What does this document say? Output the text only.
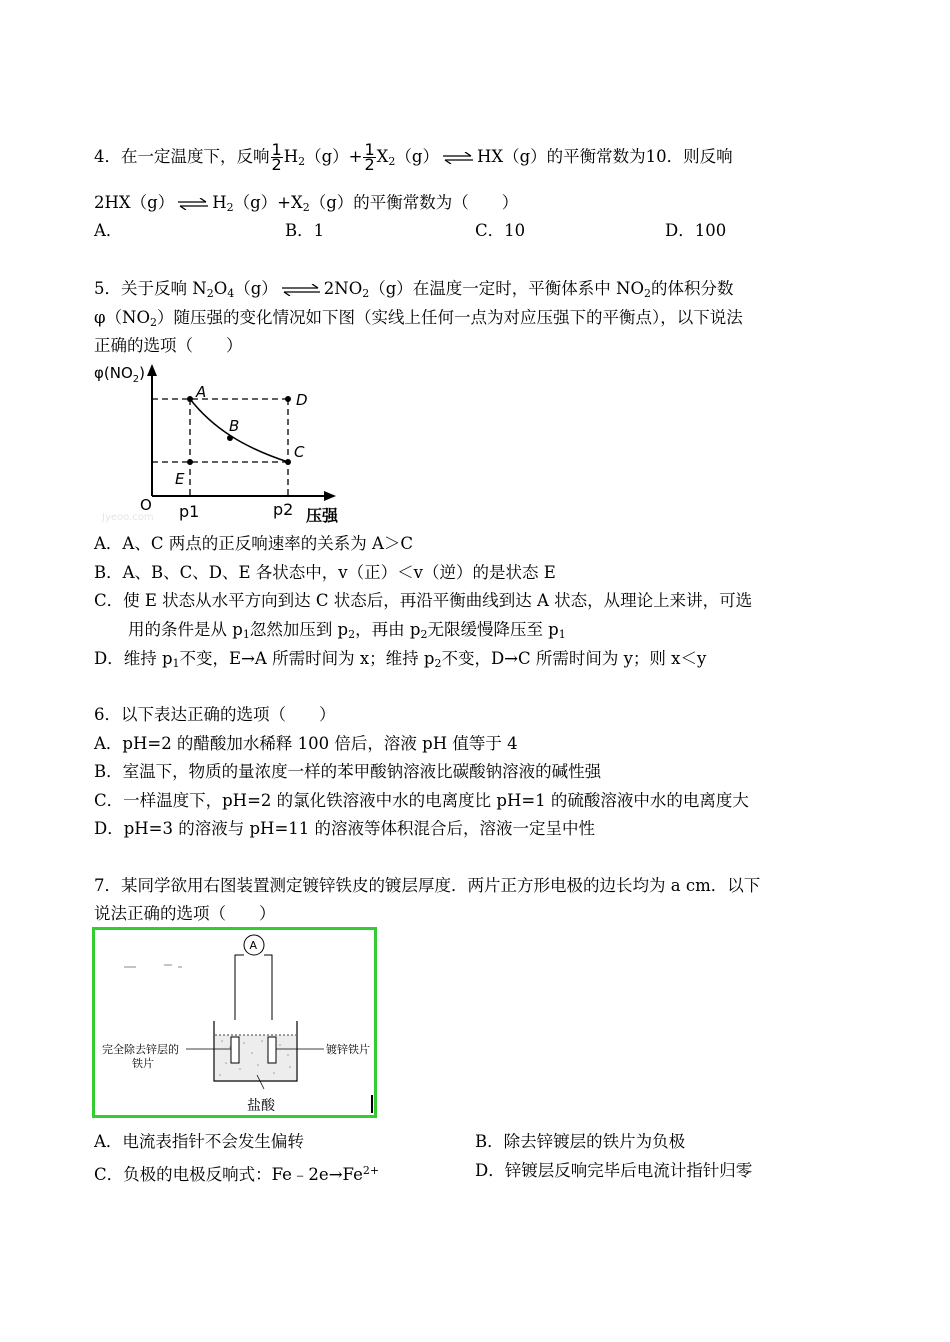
4．在一定温度下，反响 $\frac{1}{2} H_2(g)+ \frac{1}{2} X_2(g)$ ⇌ HX（g）的平衡常数为10．则反响
2HX（g） ⇌ $H_2(g)+X_2(g)$的平衡常数为（　　）
A．	B．1	C．10	D．100
5．关于反响 $N_2O_4(g)$ ⇌ $2NO_2(g)$在温度一定时，平衡体系中 $NO_2$的体积分数
$\varphi(NO_2)$随压强的变化情况如下图（实线上任何一点为对应压强下的平衡点），以下说法
正确的选项（　　）
Jyeoo.com
$\varphi(NO_2)$
O p1	p2 压强
A
B
C
D
E
A．A、C 两点的正反响速率的关系为 A＞C
B．A、B、C、D、E 各状态中，v（正）＜v（逆）的是状态 E
C．使 E 状态从水平方向到达 C 状态后，再沿平衡曲线到达 A 状态，从理论上来讲，可选
用的条件是从 $p_1$忽然加压到 $p_2$，再由 $p_2$无限缓慢降压至 $p_1$
D．维持 $p_1$不变，E→A 所需时间为 x；维持 $p_2$不变，D→C 所需时间为 y；则 x＜y
6．以下表达正确的选项（　　）
A．pH=2 的醋酸加水稀释 100 倍后，溶液 pH 值等于 4
B．室温下，物质的量浓度一样的苯甲酸钠溶液比碳酸钠溶液的碱性强
C．一样温度下，pH=2 的氯化铁溶液中水的电离度比 pH=1 的硫酸溶液中水的电离度大
D．pH=3 的溶液与 pH=11 的溶液等体积混合后，溶液一定呈中性
7．某同学欲用右图装置测定镀锌铁皮的镀层厚度．两片正方形电极的边长均为 a cm．以下
说法正确的选项（　　）
A
完全除去锌层的
铁片
镀锌铁片
盐酸
A．电流表指针不会发生偏转	B．除去锌镀层的铁片为负极
C．负极的电极反响式：$Fe﹣2e\to Fe^{2+}$	D．锌镀层反响完毕后电流计指针归零
